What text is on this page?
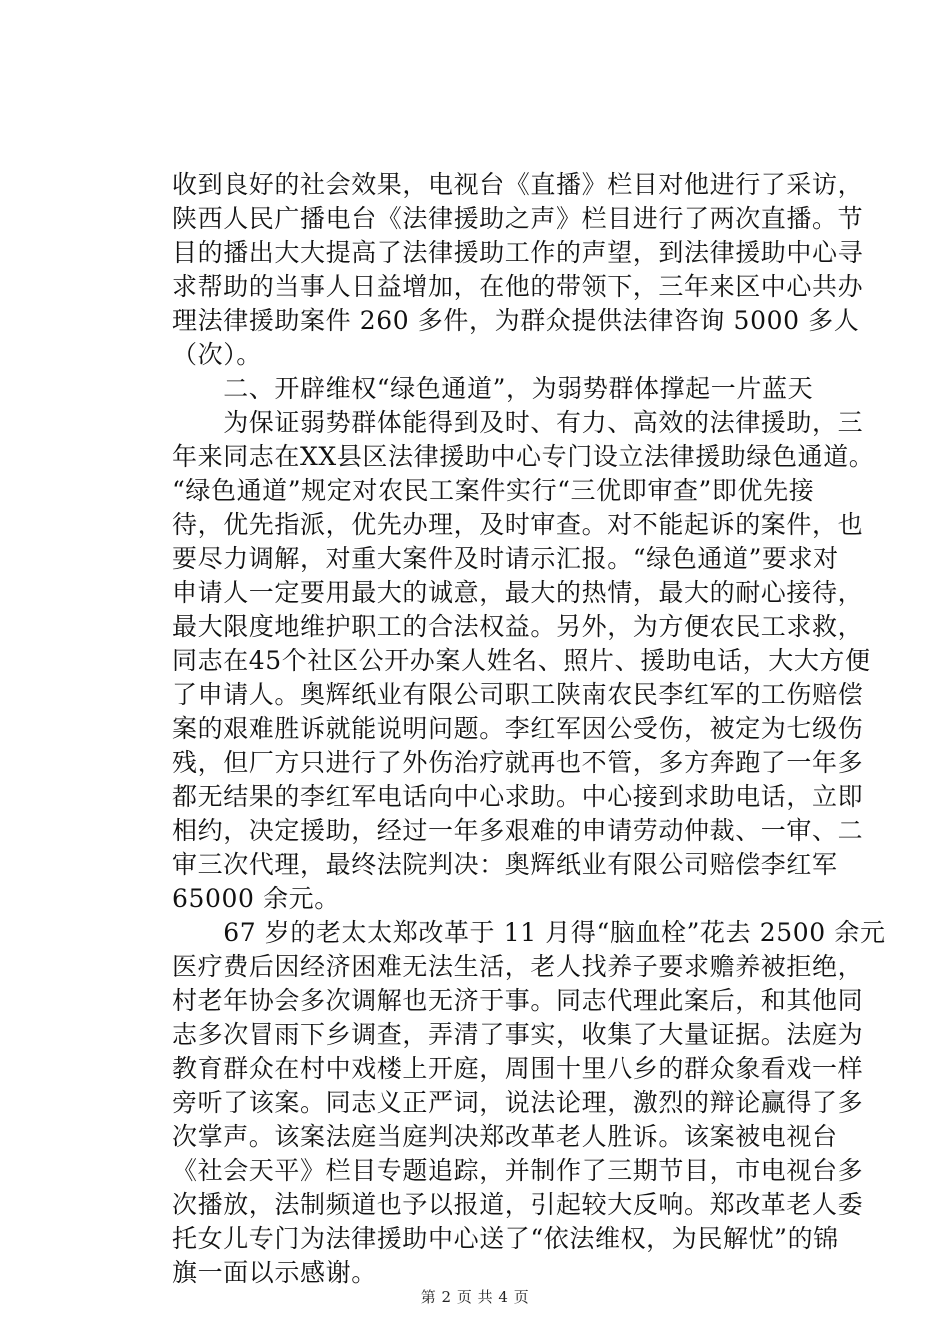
收到良好的社会效果，电视台《直播》栏目对他进行了采访，
陕西人民广播电台《法律援助之声》栏目进行了两次直播。节
目的播出大大提高了法律援助工作的声望，到法律援助中心寻
求帮助的当事人日益增加，在他的带领下，三年来区中心共办
理法律援助案件 260 多件，为群众提供法律咨询 5000 多人
（次）。
　　二、开辟维权“绿色通道”，为弱势群体撑起一片蓝天
　　为保证弱势群体能得到及时、有力、高效的法律援助，三
年来同志在XX县区法律援助中心专门设立法律援助绿色通道。
“绿色通道”规定对农民工案件实行“三优即审查”即优先接
待，优先指派，优先办理，及时审查。对不能起诉的案件，也
要尽力调解，对重大案件及时请示汇报。“绿色通道”要求对
申请人一定要用最大的诚意，最大的热情，最大的耐心接待，
最大限度地维护职工的合法权益。另外，为方便农民工求救，
同志在45个社区公开办案人姓名、照片、援助电话，大大方便
了申请人。奥辉纸业有限公司职工陕南农民李红军的工伤赔偿
案的艰难胜诉就能说明问题。李红军因公受伤，被定为七级伤
残，但厂方只进行了外伤治疗就再也不管，多方奔跑了一年多
都无结果的李红军电话向中心求助。中心接到求助电话，立即
相约，决定援助，经过一年多艰难的申请劳动仲裁、一审、二
审三次代理，最终法院判决：奥辉纸业有限公司赔偿李红军
65000 余元。
　　67 岁的老太太郑改革于 11 月得“脑血栓”花去 2500 余元
医疗费后因经济困难无法生活，老人找养子要求赡养被拒绝，
村老年协会多次调解也无济于事。同志代理此案后，和其他同
志多次冒雨下乡调查，弄清了事实，收集了大量证据。法庭为
教育群众在村中戏楼上开庭，周围十里八乡的群众象看戏一样
旁听了该案。同志义正严词，说法论理，激烈的辩论赢得了多
次掌声。该案法庭当庭判决郑改革老人胜诉。该案被电视台
《社会天平》栏目专题追踪，并制作了三期节目，市电视台多
次播放，法制频道也予以报道，引起较大反响。郑改革老人委
托女儿专门为法律援助中心送了“依法维权，为民解忧”的锦
旗一面以示感谢。
第 2 页 共 4 页
